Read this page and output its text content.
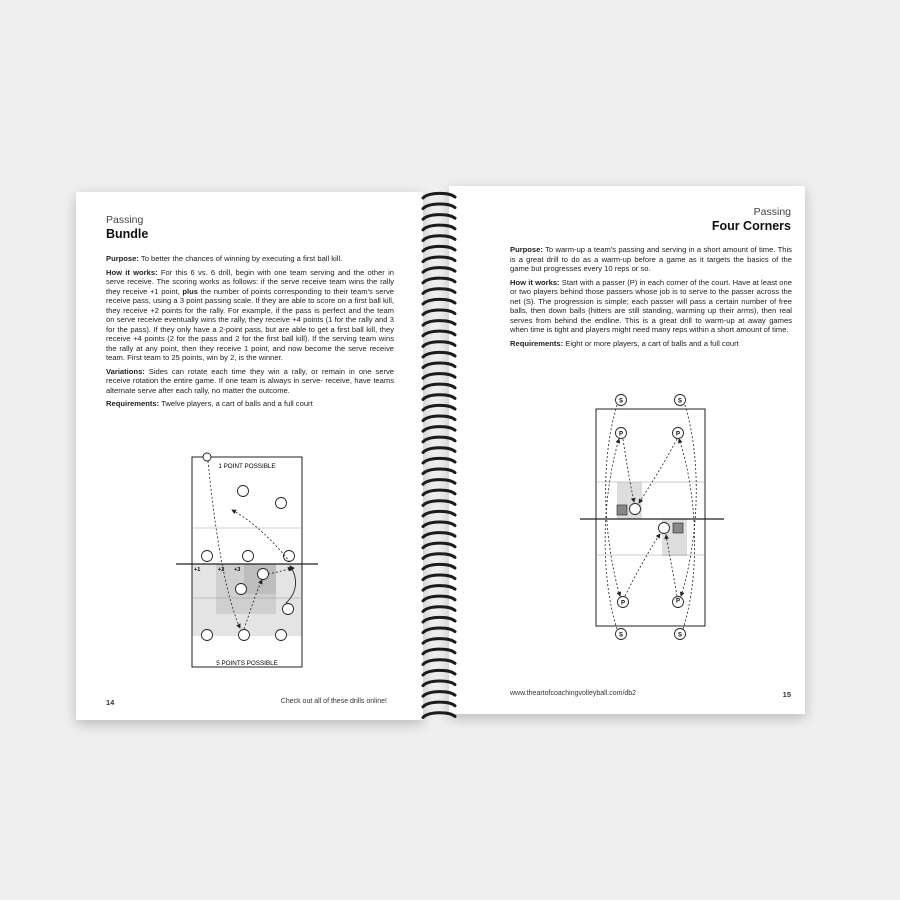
Passing
Bundle

Purpose: To better the chances of winning by executing a first ball kill.

How it works: For this 6 vs. 6 drill, begin with one team serving and the other in serve receive. The scoring works as follows: if the serve receive team wins the rally they receive +1 point, plus the number of points corresponding to their team's serve receive pass, using a 3 point passing scale. If they are able to score on a first ball kill, they receive +2 points for the rally. For example, if the pass is perfect and the team on serve receive eventually wins the rally, they receive +4 points (1 for the rally and 3 for the pass). If they only have a 2-point pass, but are able to get a first ball kill, they receive +4 points (2 for the pass and 2 for the first ball kill). If the serving team wins the rally at any point, then they receive 1 point, and now become the serve receive team. First team to 25 points, win by 2, is the winner.

Variations: Sides can rotate each time they win a rally, or remain in one serve receive rotation the entire game. If one team is always in serve- receive, have teams alternate serve after each rally, no matter the outcome.

Requirements: Twelve players, a cart of balls and a full court

1 POINT POSSIBLE
5 POINTS POSSIBLE
+1	+2 +3
14	Check out all of these drills online!
Passing
Four Corners

Purpose: To warm-up a team's passing and serving in a short amount of time. This is a great drill to do as a warm-up before a game as it targets the basics of the game but progresses every 10 reps or so.

How it works: Start with a passer (P) in each corner of the court. Have at least one or two players behind those passers whose job is to serve to the passer across the net (S). The progression is simple; each passer will pass a certain number of free balls, then down balls (hitters are still standing, warming up their arms), then real serves from behind the endline. This is a great drill to warm-up at away games when time is tight and players might need many reps within a short amount of time.

Requirements: Eight or more players, a cart of balls and a full court

S	S
S	S
P	P
P	P
www.theartofcoachingvolleyball.com/db2	15
